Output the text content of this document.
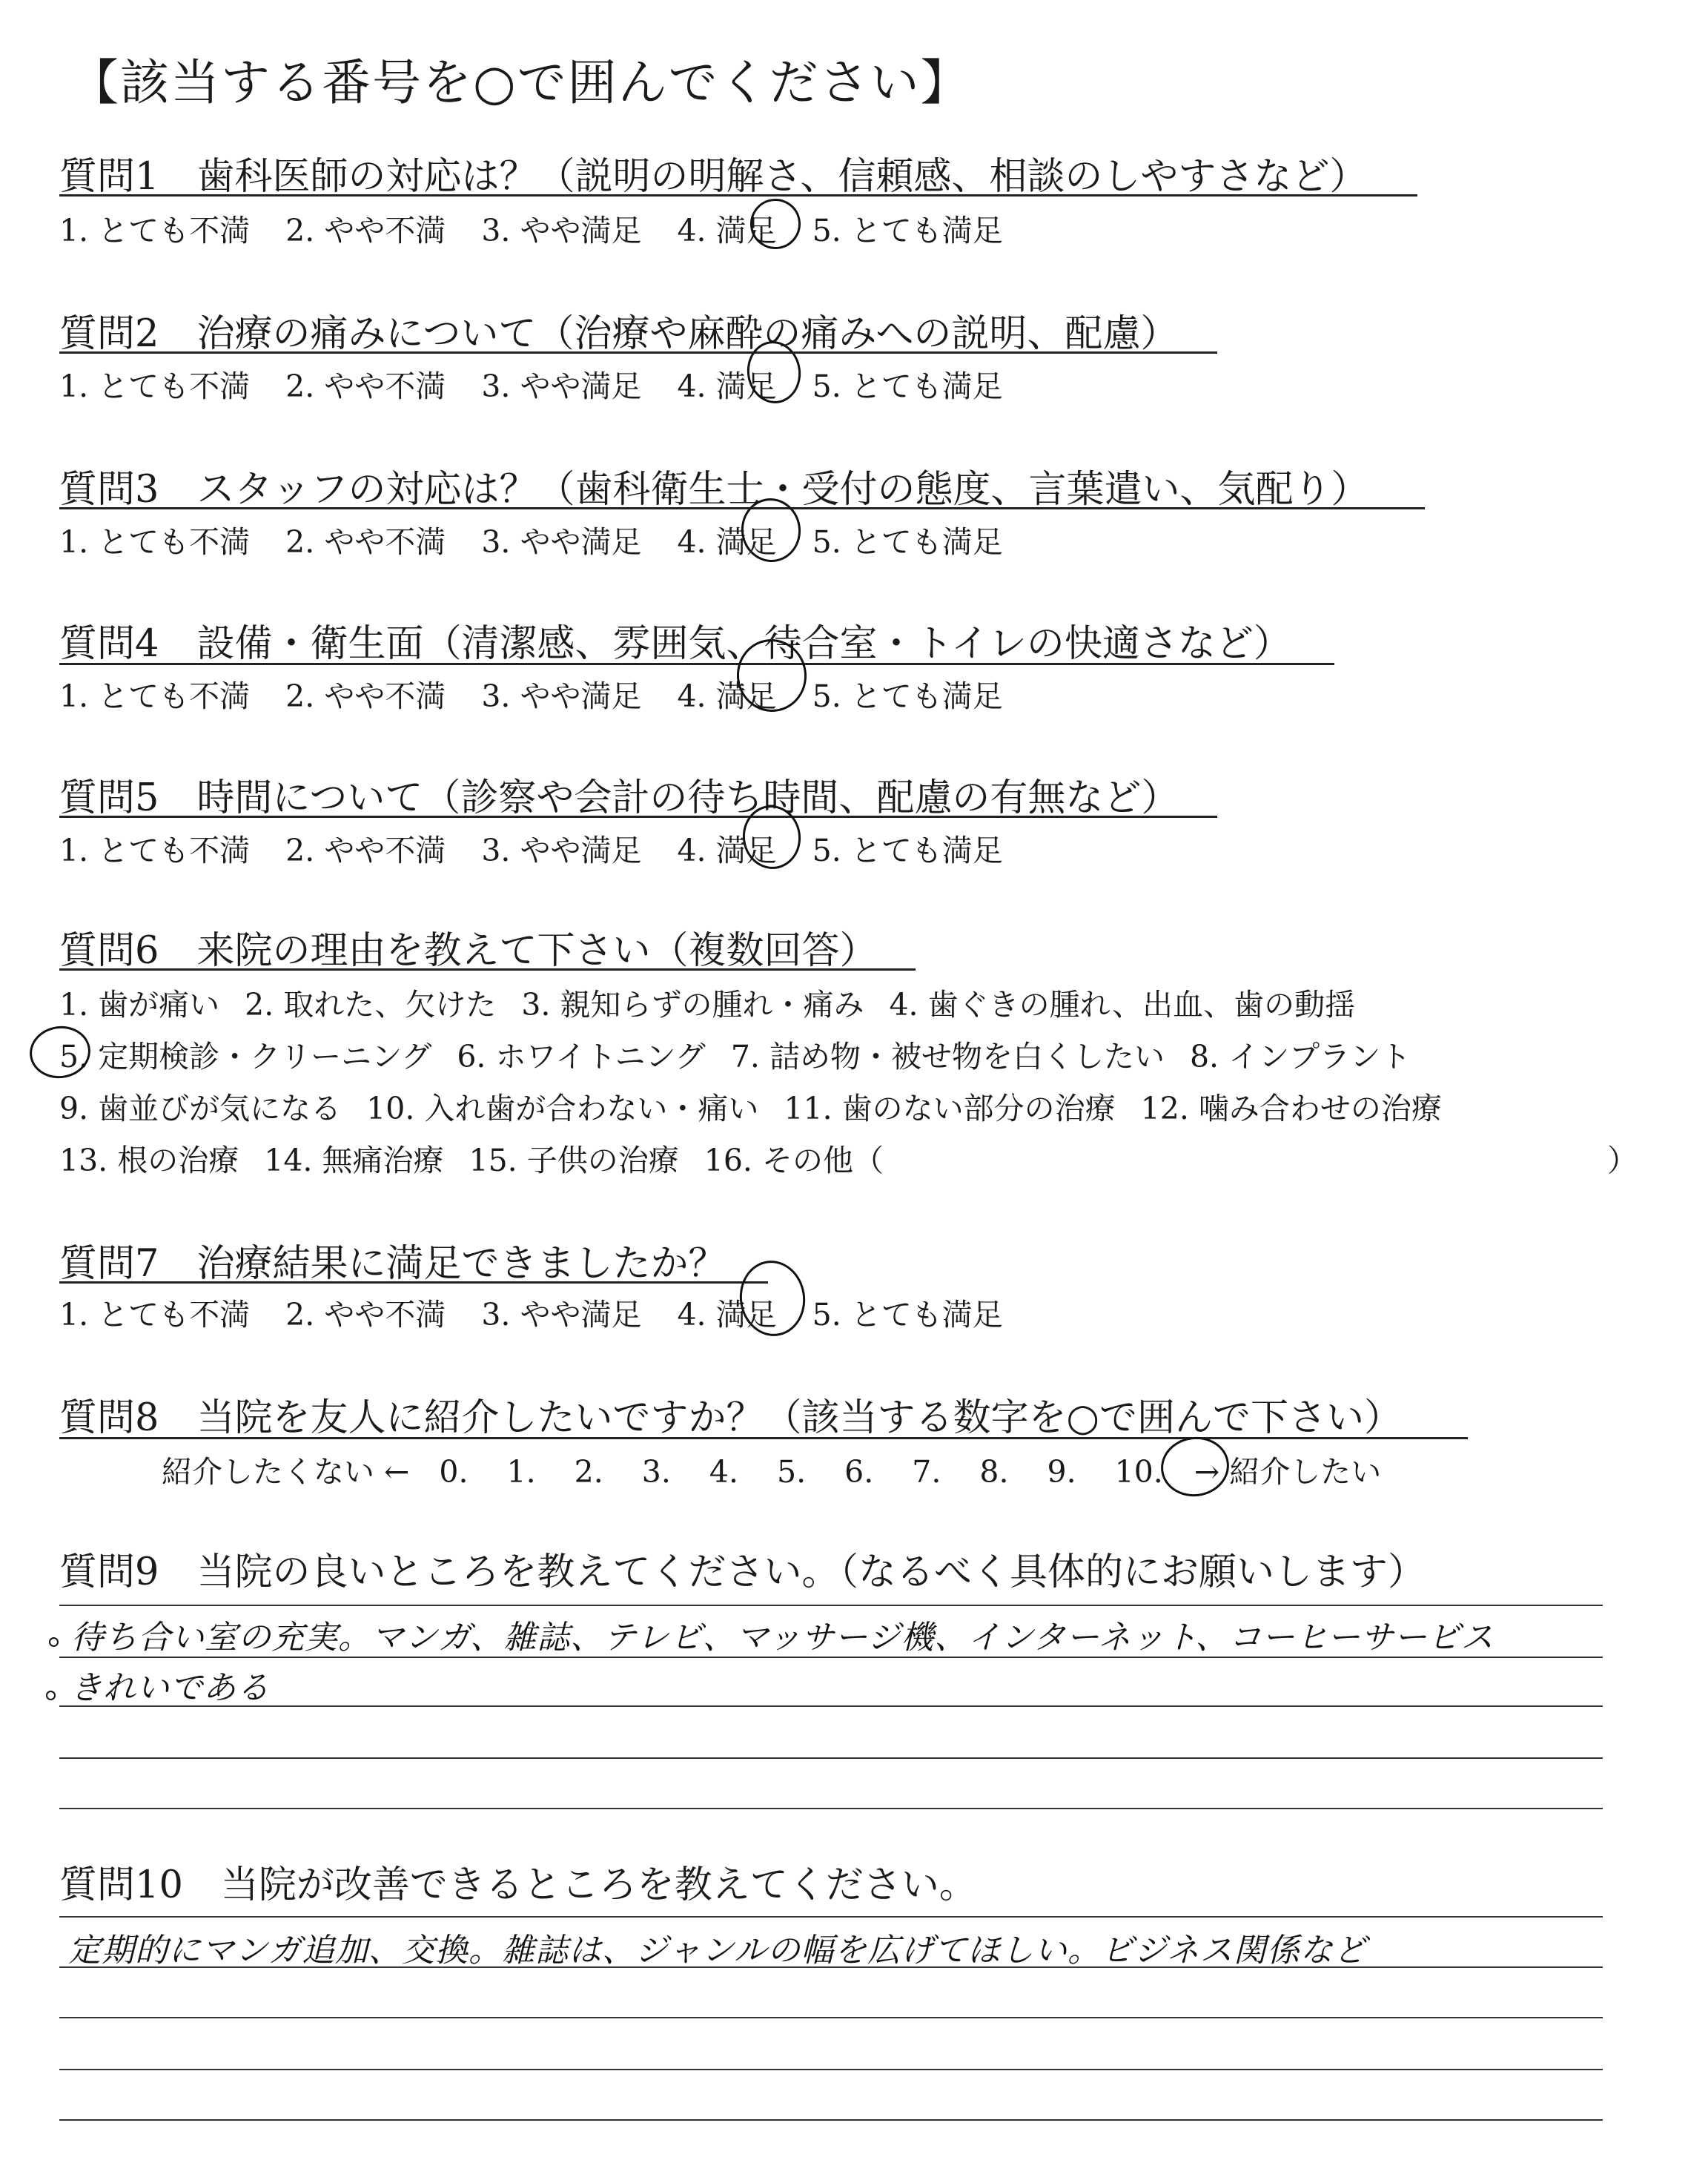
【該当する番号を○で囲んでください】
質問1　歯科医師の対応は？（説明の明解さ、信頼感、相談のしやすさなど）
1. とても不満 2. やや不満 3. やや満足 4. 満足 5. とても満足
質問2　治療の痛みについて（治療や麻酔の痛みへの説明、配慮）
1. とても不満 2. やや不満 3. やや満足 4. 満足 5. とても満足
質問3　スタッフの対応は？（歯科衛生士・受付の態度、言葉遣い、気配り）
1. とても不満 2. やや不満 3. やや満足 4. 満足 5. とても満足
質問4　設備・衛生面（清潔感、雰囲気、待合室・トイレの快適さなど）
1. とても不満 2. やや不満 3. やや満足 4. 満足 5. とても満足
質問5　時間について（診察や会計の待ち時間、配慮の有無など）
1. とても不満 2. やや不満 3. やや満足 4. 満足 5. とても満足
質問6　来院の理由を教えて下さい（複数回答）
1. 歯が痛い 2. 取れた、欠けた 3. 親知らずの腫れ・痛み 4. 歯ぐきの腫れ、出血、歯の動揺
5. 定期検診・クリーニング 6. ホワイトニング 7. 詰め物・被せ物を白くしたい 8. インプラント
9. 歯並びが気になる 10. 入れ歯が合わない・痛い 11. 歯のない部分の治療 12. 噛み合わせの治療
13. 根の治療 14. 無痛治療 15. 子供の治療 16. その他（	）
質問7　治療結果に満足できましたか？
1. とても不満 2. やや不満 3. やや満足 4. 満足 5. とても満足
質問8　当院を友人に紹介したいですか？（該当する数字を○で囲んで下さい）
紹介したくない ← 0. 1. 2. 3. 4. 5. 6. 7. 8. 9. 10. → 紹介したい
質問9　当院の良いところを教えてください。（なるべく具体的にお願いします）
待ち合い室の充実。マンガ、雑誌、テレビ、マッサージ機、インターネット、コーヒーサービス
きれいである
質問10　当院が改善できるところを教えてください。
定期的にマンガ追加、交換。雑誌は、ジャンルの幅を広げてほしい。ビジネス関係など
